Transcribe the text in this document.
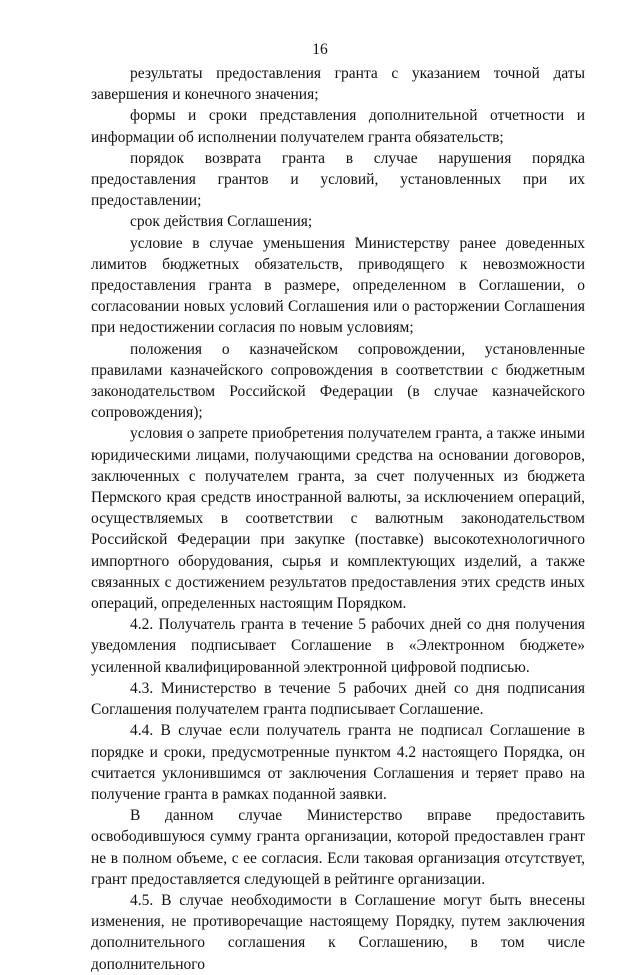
16

результаты предоставления гранта с указанием точной даты завершения и конечного значения;

формы и сроки представления дополнительной отчетности и информации об исполнении получателем гранта обязательств;

порядок возврата гранта в случае нарушения порядка предоставления грантов и условий, установленных при их предоставлении;

срок действия Соглашения;

условие в случае уменьшения Министерству ранее доведенных лимитов бюджетных обязательств, приводящего к невозможности предоставления гранта в размере, определенном в Соглашении, о согласовании новых условий Соглашения или о расторжении Соглашения при недостижении согласия по новым условиям;

положения о казначейском сопровождении, установленные правилами казначейского сопровождения в соответствии с бюджетным законодательством Российской Федерации (в случае казначейского сопровождения);

условия о запрете приобретения получателем гранта, а также иными юридическими лицами, получающими средства на основании договоров, заключенных с получателем гранта, за счет полученных из бюджета Пермского края средств иностранной валюты, за исключением операций, осуществляемых в соответствии с валютным законодательством Российской Федерации при закупке (поставке) высокотехнологичного импортного оборудования, сырья и комплектующих изделий, а также связанных с достижением результатов предоставления этих средств иных операций, определенных настоящим Порядком.

4.2. Получатель гранта в течение 5 рабочих дней со дня получения уведомления подписывает Соглашение в «Электронном бюджете» усиленной квалифицированной электронной цифровой подписью.

4.3. Министерство в течение 5 рабочих дней со дня подписания Соглашения получателем гранта подписывает Соглашение.

4.4. В случае если получатель гранта не подписал Соглашение в порядке и сроки, предусмотренные пунктом 4.2 настоящего Порядка, он считается уклонившимся от заключения Соглашения и теряет право на получение гранта в рамках поданной заявки.

В данном случае Министерство вправе предоставить освободившуюся сумму гранта организации, которой предоставлен грант не в полном объеме, с ее согласия. Если таковая организация отсутствует, грант предоставляется следующей в рейтинге организации.

4.5. В случае необходимости в Соглашение могут быть внесены изменения, не противоречащие настоящему Порядку, путем заключения дополнительного соглашения к Соглашению, в том числе дополнительного
